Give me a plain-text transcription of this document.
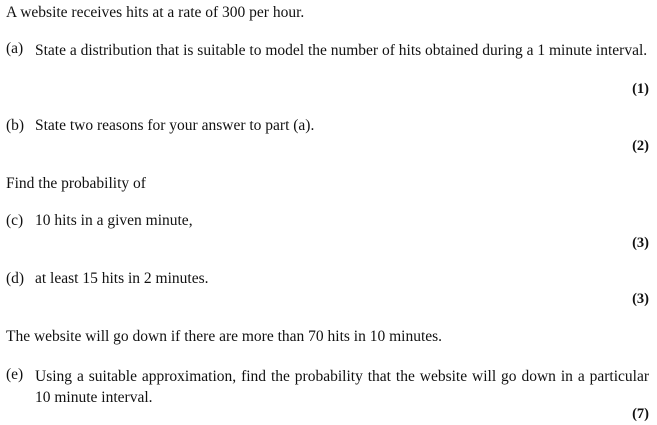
A website receives hits at a rate of 300 per hour.
(a) State a distribution that is suitable to model the number of hits obtained during a 1 minute interval.
(1)
(b) State two reasons for your answer to part (a).
(2)
Find the probability of
(c) 10 hits in a given minute,
(3)
(d) at least 15 hits in 2 minutes.
(3)
The website will go down if there are more than 70 hits in 10 minutes.
(e) Using a suitable approximation, find the probability that the website will go down in a particular 10 minute interval.
(7)
